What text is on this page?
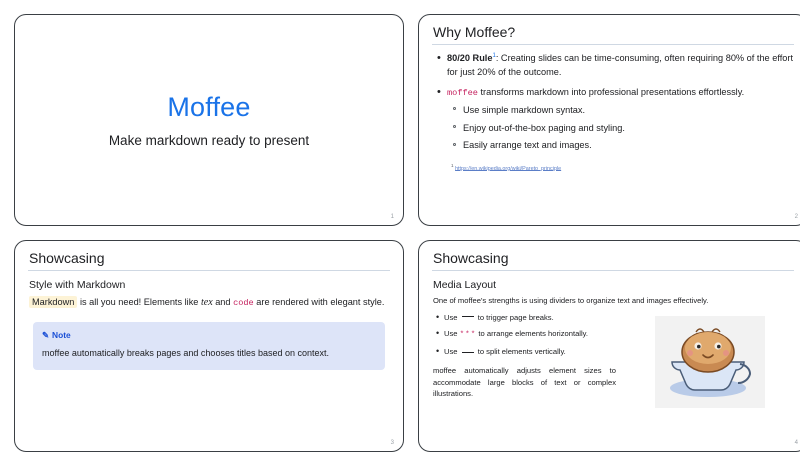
Moffee
Make markdown ready to present
1
Why Moffee?
• 80/20 Rule$^1$: Creating slides can be time-consuming, often requiring 80% of the effort for just 20% of the outcome.
• moffee transforms markdown into professional presentations effortlessly.
Use simple markdown syntax.
Enjoy out-of-the-box paging and styling.
Easily arrange text and images.
$^1$ https://en.wikipedia.org/wiki/Pareto_principle
2
Showcasing
Style with Markdown
Markdown is all you need! Elements like tex and code are rendered with elegant style.
✎ Note
moffee automatically breaks pages and chooses titles based on context.
3
Showcasing
Media Layout
One of moffee's strengths is using dividers to organize text and images effectively.
• Use  to trigger page breaks.
• Use *** to arrange elements horizontally.
• Use  to split elements vertically.
moffee automatically adjusts element sizes to accommodate large blocks of text or complex illustrations.
4
